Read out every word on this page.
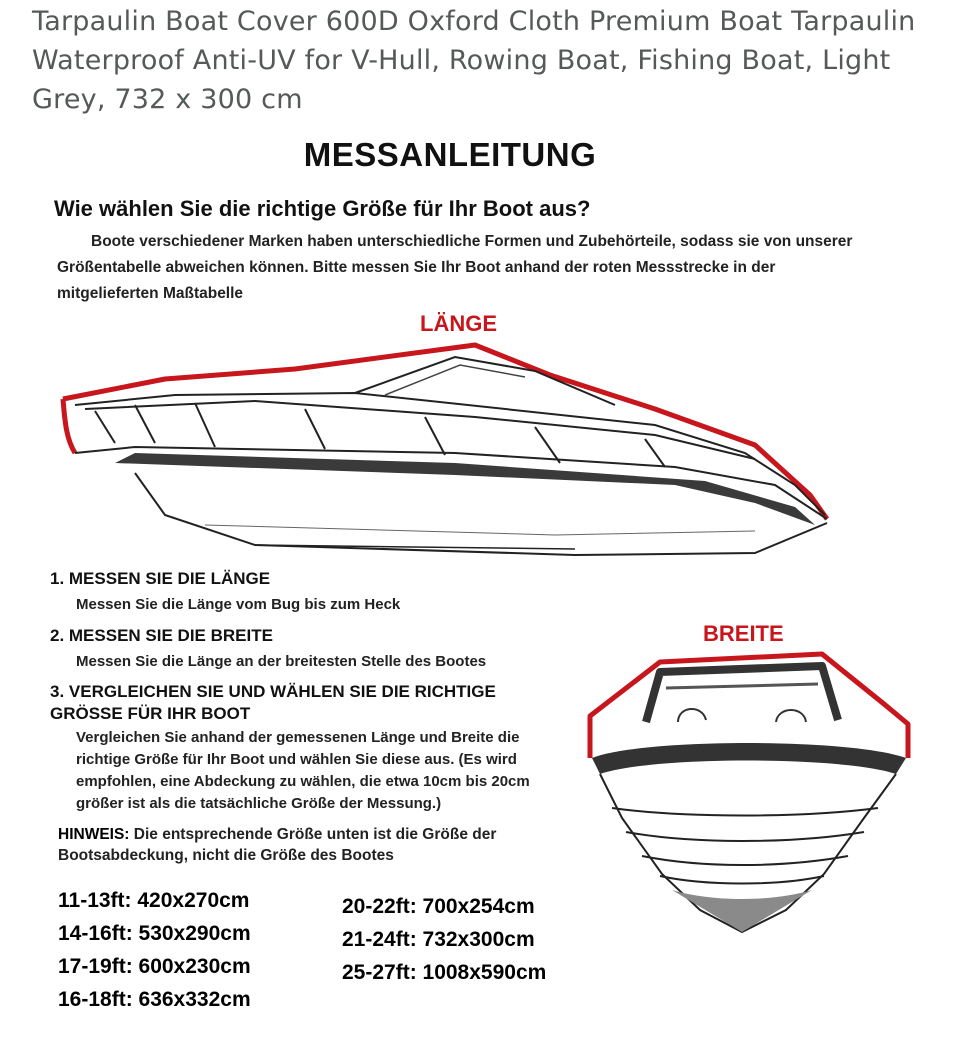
Tarpaulin Boat Cover 600D Oxford Cloth Premium Boat Tarpaulin Waterproof Anti-UV for V-Hull, Rowing Boat, Fishing Boat, Light Grey, 732 x 300 cm
MESSANLEITUNG
Wie wählen Sie die richtige Größe für Ihr Boot aus?
Boote verschiedener Marken haben unterschiedliche Formen und Zubehörteile, sodass sie von unserer Größentabelle abweichen können. Bitte messen Sie Ihr Boot anhand der roten Messstrecke in der mitgelieferten Maßtabelle
LÄNGE
1. MESSEN SIE DIE LÄNGE
Messen Sie die Länge vom Bug bis zum Heck
2. MESSEN SIE DIE BREITE
Messen Sie die Länge an der breitesten Stelle des Bootes
3. VERGLEICHEN SIE UND WÄHLEN SIE DIE RICHTIGE GRÖSSE FÜR IHR BOOT
Vergleichen Sie anhand der gemessenen Länge und Breite die richtige Größe für Ihr Boot und wählen Sie diese aus. (Es wird empfohlen, eine Abdeckung zu wählen, die etwa 10cm bis 20cm größer ist als die tatsächliche Größe der Messung.)
HINWEIS: Die entsprechende Größe unten ist die Größe der Bootsabdeckung, nicht die Größe des Bootes
11-13ft: 420x270cm
14-16ft: 530x290cm
17-19ft: 600x230cm
16-18ft: 636x332cm
20-22ft: 700x254cm
21-24ft: 732x300cm
25-27ft: 1008x590cm
BREITE
